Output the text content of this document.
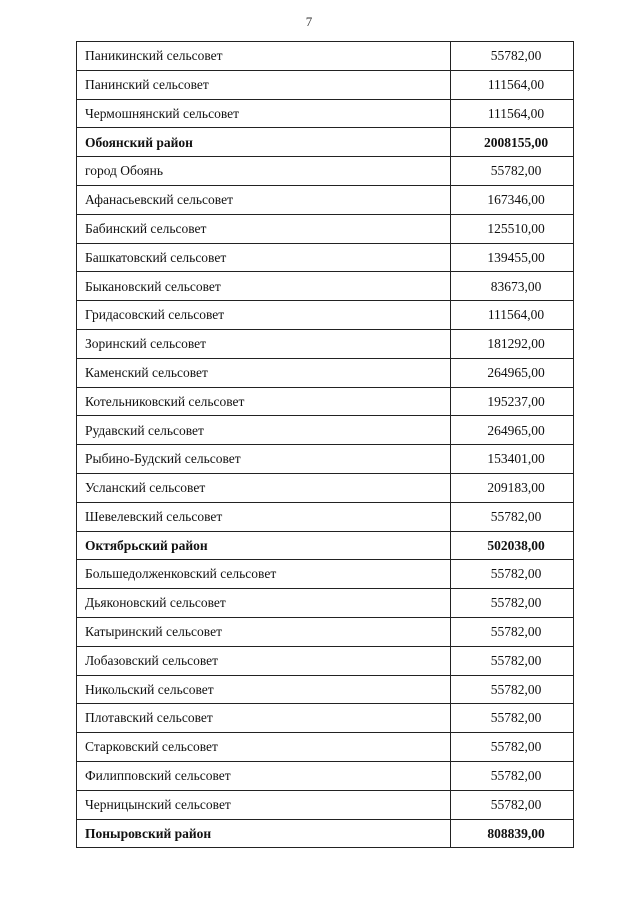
7
Паникинский сельсовет	55782,00
Панинский сельсовет	111564,00
Чермошнянский сельсовет	111564,00
Обоянский район	2008155,00
город Обоянь	55782,00
Афанасьевский сельсовет	167346,00
Бабинский сельсовет	125510,00
Башкатовский сельсовет	139455,00
Быкановский сельсовет	83673,00
Гридасовский сельсовет	111564,00
Зоринский сельсовет	181292,00
Каменский сельсовет	264965,00
Котельниковский сельсовет	195237,00
Рудавский сельсовет	264965,00
Рыбино-Будский сельсовет	153401,00
Усланский сельсовет	209183,00
Шевелевский сельсовет	55782,00
Октябрьский район	502038,00
Большедолженковский сельсовет	55782,00
Дьяконовский сельсовет	55782,00
Катыринский сельсовет	55782,00
Лобазовский сельсовет	55782,00
Никольский сельсовет	55782,00
Плотавский сельсовет	55782,00
Старковский сельсовет	55782,00
Филипповский сельсовет	55782,00
Черницынский сельсовет	55782,00
Поныровский район	808839,00
